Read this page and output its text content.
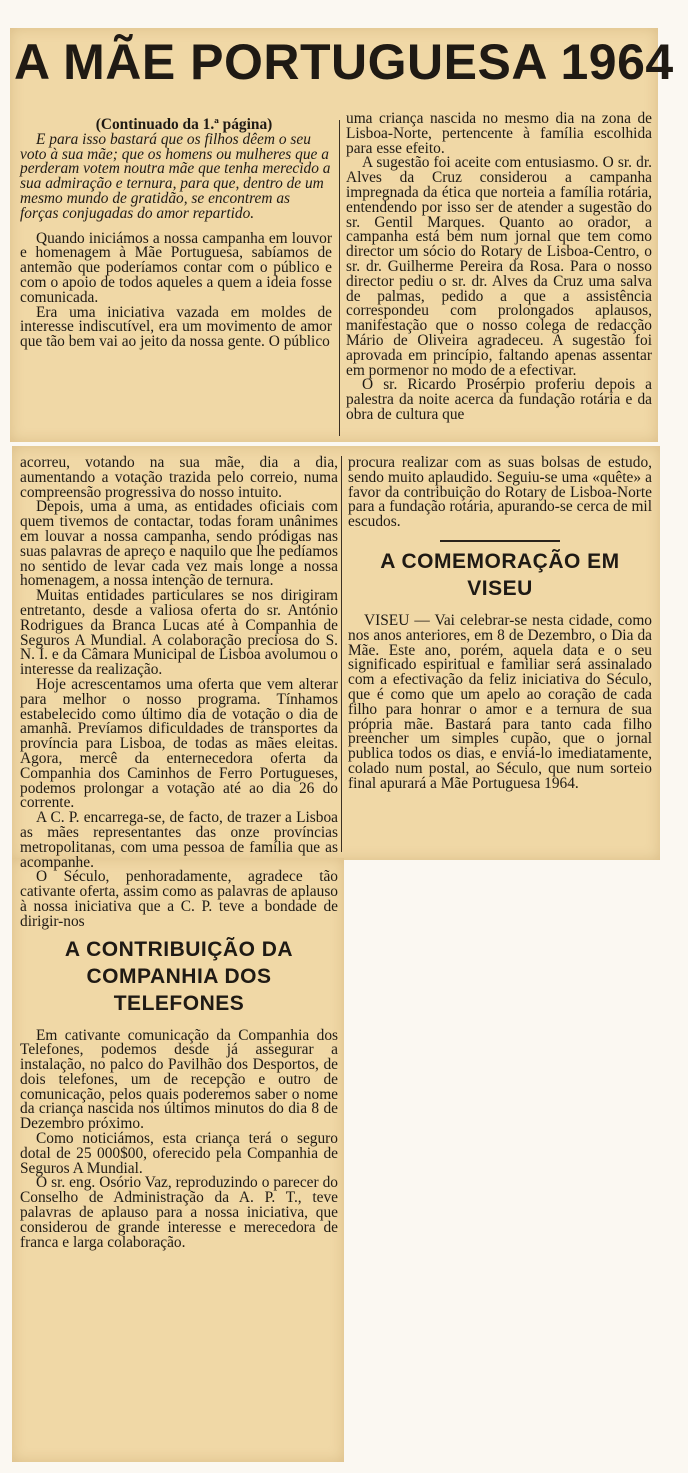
A MÃE PORTUGUESA 1964

(Continuado da 1.ª página)

E para isso bastará que os filhos dêem o seu voto à sua mãe; que os homens ou mulheres que a perderam votem noutra mãe que tenha merecido a sua admiração e ternura, para que, dentro de um mesmo mundo de gratidão, se encontrem as forças conjugadas do amor repartido.

Quando iniciámos a nossa campanha em louvor e homenagem à Mãe Portuguesa, sabíamos de antemão que poderíamos contar com o público e com o apoio de todos aqueles a quem a ideia fosse comunicada.

Era uma iniciativa vazada em moldes de interesse indiscutível, era um movimento de amor que tão bem vai ao jeito da nossa gente. O público

uma criança nascida no mesmo dia na zona de Lisboa-Norte, pertencente à família escolhida para esse efeito.

A sugestão foi aceite com entusiasmo. O sr. dr. Alves da Cruz considerou a campanha impregnada da ética que norteia a família rotária, entendendo por isso ser de atender a sugestão do sr. Gentil Marques. Quanto ao orador, a campanha está bem num jornal que tem como director um sócio do Rotary de Lisboa-Centro, o sr. dr. Guilherme Pereira da Rosa. Para o nosso director pediu o sr. dr. Alves da Cruz uma salva de palmas, pedido a que a assistência correspondeu com prolongados aplausos, manifestação que o nosso colega de redacção Mário de Oliveira agradeceu. A sugestão foi aprovada em princípio, faltando apenas assentar em pormenor no modo de a efectivar.

O sr. Ricardo Prosérpio proferiu depois a palestra da noite acerca da fundação rotária e da obra de cultura que

acorreu, votando na sua mãe, dia a dia, aumentando a votação trazida pelo correio, numa compreensão progressiva do nosso intuito.

Depois, uma a uma, as entidades oficiais com quem tivemos de contactar, todas foram unânimes em louvar a nossa campanha, sendo pródigas nas suas palavras de apreço e naquilo que lhe pedíamos no sentido de levar cada vez mais longe a nossa homenagem, a nossa intenção de ternura.

Muitas entidades particulares se nos dirigiram entretanto, desde a valiosa oferta do sr. António Rodrigues da Branca Lucas até à Companhia de Seguros A Mundial. A colaboração preciosa do S. N. I. e da Câmara Municipal de Lisboa avolumou o interesse da realização.

Hoje acrescentamos uma oferta que vem alterar para melhor o nosso programa. Tínhamos estabelecido como último dia de votação o dia de amanhã. Prevíamos dificuldades de transportes da província para Lisboa, de todas as mães eleitas. Agora, mercê da enternecedora oferta da Companhia dos Caminhos de Ferro Portugueses, podemos prolongar a votação até ao dia 26 do corrente.

A C. P. encarrega-se, de facto, de trazer a Lisboa as mães representantes das onze províncias metropolitanas, com uma pessoa de família que as acompanhe.

O Século, penhoradamente, agradece tão cativante oferta, assim como as palavras de aplauso à nossa iniciativa que a C. P. teve a bondade de dirigir-nos

A CONTRIBUIÇÃO DA COMPANHIA DOS TELEFONES

Em cativante comunicação da Companhia dos Telefones, podemos desde já assegurar a instalação, no palco do Pavilhão dos Desportos, de dois telefones, um de recepção e outro de comunicação, pelos quais poderemos saber o nome da criança nascida nos últimos minutos do dia 8 de Dezembro próximo.

Como noticiámos, esta criança terá o seguro dotal de 25 000$00, oferecido pela Companhia de Seguros A Mundial.

O sr. eng. Osório Vaz, reproduzindo o parecer do Conselho de Administração da A. P. T., teve palavras de aplauso para a nossa iniciativa, que considerou de grande interesse e merecedora de franca e larga colaboração.

procura realizar com as suas bolsas de estudo, sendo muito aplaudido. Seguiu-se uma «quête» a favor da contribuição do Rotary de Lisboa-Norte para a fundação rotária, apurando-se cerca de mil escudos.

A COMEMORAÇÃO EM VISEU

VISEU — Vai celebrar-se nesta cidade, como nos anos anteriores, em 8 de Dezembro, o Dia da Mãe. Este ano, porém, aquela data e o seu significado espiritual e familiar será assinalado com a efectivação da feliz iniciativa do Século, que é como que um apelo ao coração de cada filho para honrar o amor e a ternura de sua própria mãe. Bastará para tanto cada filho preencher um simples cupão, que o jornal publica todos os dias, e enviá-lo imediatamente, colado num postal, ao Século, que num sorteio final apurará a Mãe Portuguesa 1964.
